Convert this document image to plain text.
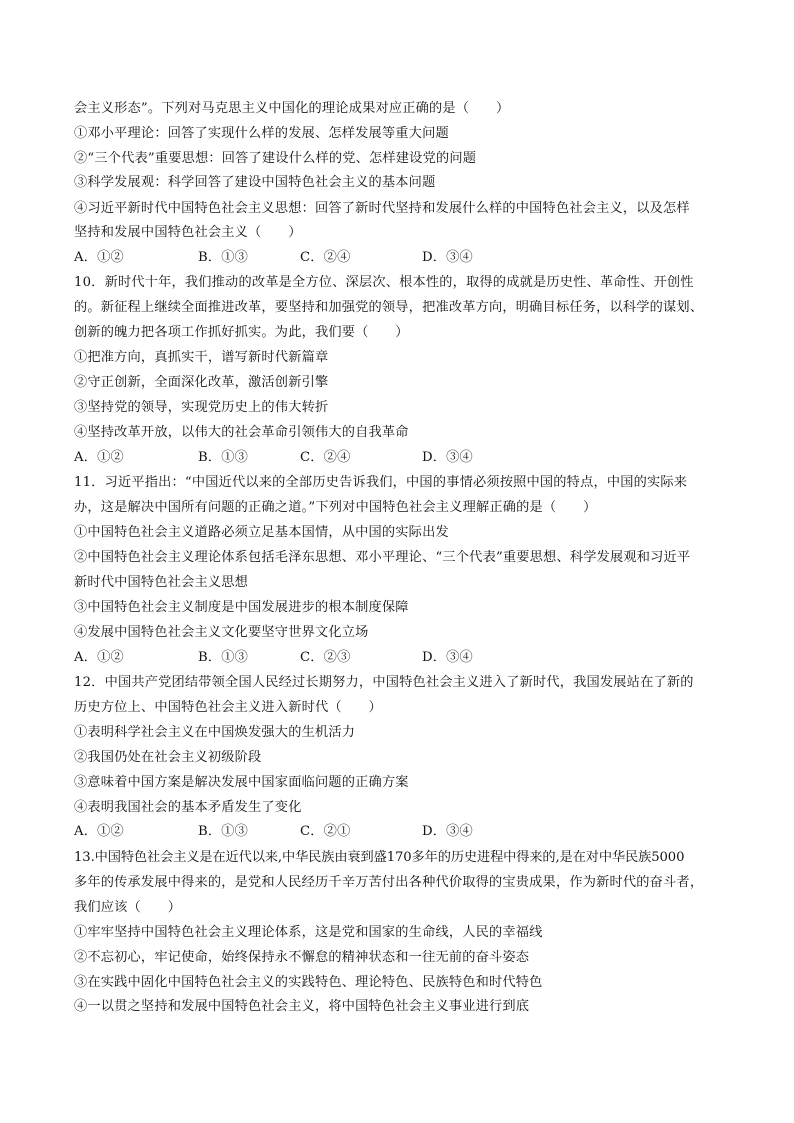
会主义形态”。下列对马克思主义中国化的理论成果对应正确的是（　　）
①邓小平理论：回答了实现什么样的发展、怎样发展等重大问题
②“三个代表”重要思想：回答了建设什么样的党、怎样建设党的问题
③科学发展观：科学回答了建设中国特色社会主义的基本问题
④习近平新时代中国特色社会主义思想：回答了新时代坚持和发展什么样的中国特色社会主义，以及怎样
坚持和发展中国特色社会主义（　　）
A．①②	B．①③	C．②④	D．③④
10．新时代十年，我们推动的改革是全方位、深层次、根本性的，取得的成就是历史性、革命性、开创性
的。新征程上继续全面推进改革，要坚持和加强党的领导，把准改革方向，明确目标任务，以科学的谋划、
创新的魄力把各项工作抓好抓实。为此，我们要（　　）
①把准方向，真抓实干，谱写新时代新篇章
②守正创新，全面深化改革，激活创新引擎
③坚持党的领导，实现党历史上的伟大转折
④坚持改革开放，以伟大的社会革命引领伟大的自我革命
A．①②	B．①③	C．②④	D．③④
11．习近平指出：“中国近代以来的全部历史告诉我们，中国的事情必须按照中国的特点，中国的实际来
办，这是解决中国所有问题的正确之道。”下列对中国特色社会主义理解正确的是（　　）
①中国特色社会主义道路必须立足基本国情，从中国的实际出发
②中国特色社会主义理论体系包括毛泽东思想、邓小平理论、“三个代表”重要思想、科学发展观和习近平
新时代中国特色社会主义思想
③中国特色社会主义制度是中国发展进步的根本制度保障
④发展中国特色社会主义文化要坚守世界文化立场
A．①②	B．①③	C．②③	D．③④
12．中国共产党团结带领全国人民经过长期努力，中国特色社会主义进入了新时代，我国发展站在了新的
历史方位上、中国特色社会主义进入新时代（　　）
①表明科学社会主义在中国焕发强大的生机活力
②我国仍处在社会主义初级阶段
③意味着中国方案是解决发展中国家面临问题的正确方案
④表明我国社会的基本矛盾发生了变化
A．①②	B．①③	C．②①	D．③④
13.中国特色社会主义是在近代以来,中华民族由衰到盛170多年的历史进程中得来的,是在对中华民族5000
多年的传承发展中得来的，是党和人民经历千辛万苦付出各种代价取得的宝贵成果，作为新时代的奋斗者，
我们应该（　　）
①牢牢坚持中国特色社会主义理论体系，这是党和国家的生命线，人民的幸福线
②不忘初心，牢记使命，始终保持永不懈怠的精神状态和一往无前的奋斗姿态
③在实践中固化中国特色社会主义的实践特色、理论特色、民族特色和时代特色
④一以贯之坚持和发展中国特色社会主义，将中国特色社会主义事业进行到底
